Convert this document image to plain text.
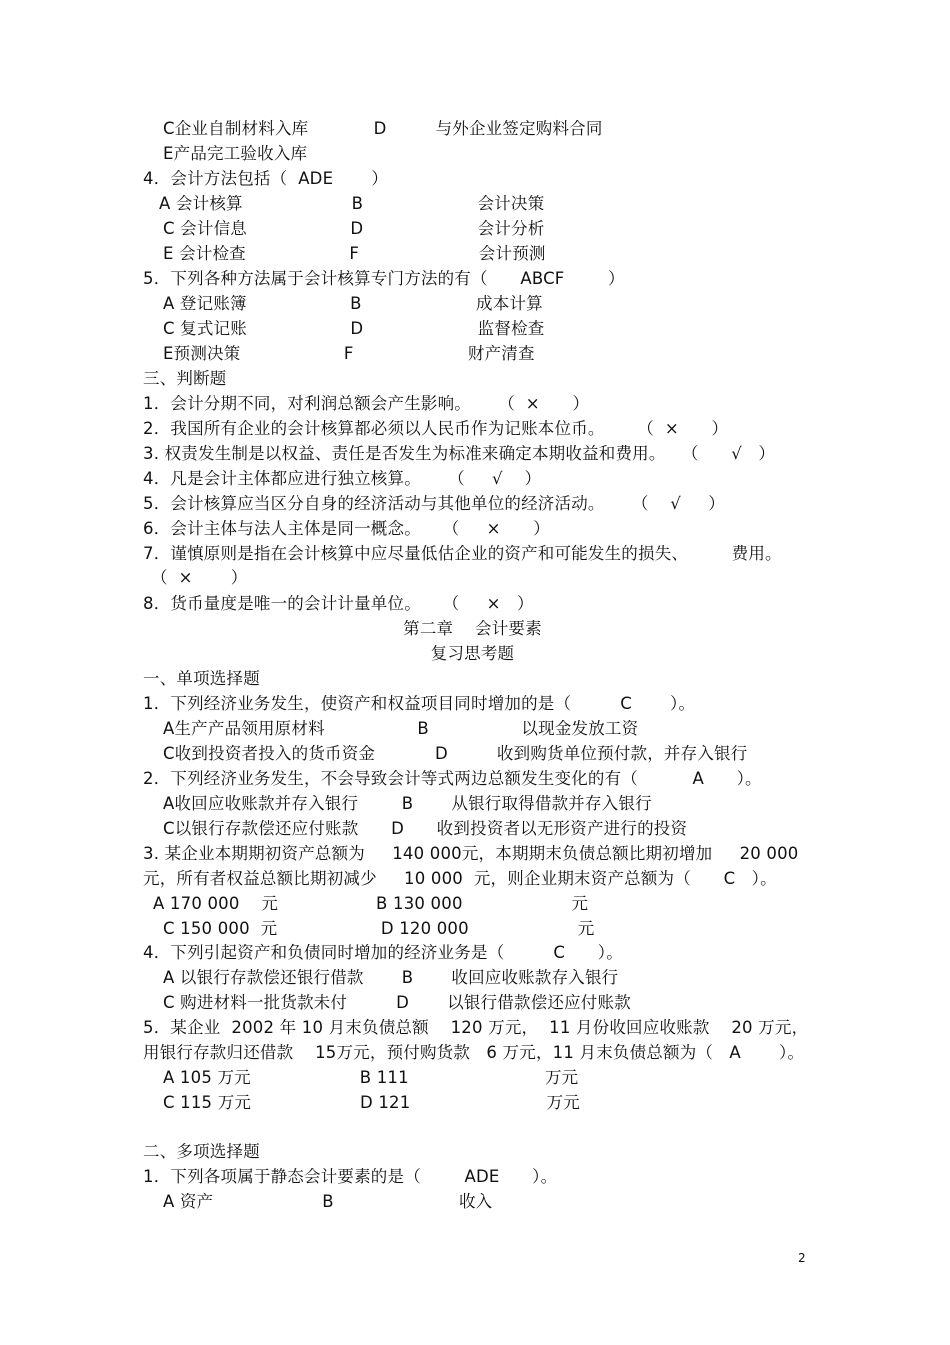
C企业自制材料入库            D         与外企业签定购料合同
E产品完工验收入库
4．会计方法包括（  ADE       ）
A 会计核算                    B                     会计决策
C 会计信息                   D                     会计分析
E 会计检查                   F                      会计预测
5．下列各种方法属于会计核算专门方法的有（      ABCF        ）
A 登记账簿                   B                     成本计算
C 复式记账                   D                     监督检查
E预测决策                   F                     财产清查
三、判断题
1．会计分期不同，对利润总额会产生影响。     （  ×      ）
2．我国所有企业的会计核算都必须以人民币作为记账本位币。      （  ×      ）
3. 权责发生制是以权益、责任是否发生为标准来确定本期收益和费用。   （      √   ）
4．凡是会计主体都应进行独立核算。     （     √    ）
5．会计核算应当区分自身的经济活动与其他单位的经济活动。     （    √     ）
6．会计主体与法人主体是同一概念。    （     ×      ）
7．谨慎原则是指在会计核算中应尽量低估企业的资产和可能发生的损失、        费用。
（  ×       ）
8．货币量度是唯一的会计计量单位。    （     ×   ）
第二章    会计要素
复习思考题
一、单项选择题
1．下列经济业务发生，使资产和权益项目同时增加的是（         C       ）。
A生产产品领用原材料                 B                 以现金发放工资
C收到投资者投入的货币资金           D         收到购货单位预付款，并存入银行
2．下列经济业务发生，不会导致会计等式两边总额发生变化的有（          A      ）。
A收回应收账款并存入银行        B       从银行取得借款并存入银行
C以银行存款偿还应付账款      D      收到投资者以无形资产进行的投资
3. 某企业本期期初资产总额为     140 000元，本期期末负债总额比期初增加     20 000
元，所有者权益总额比期初减少     10 000  元，则企业期末资产总额为（      C   ）。
A 170 000    元                  B 130 000                    元
C 150 000  元                   D 120 000                    元
4．下列引起资产和负债同时增加的经济业务是（         C      ）。
A 以银行存款偿还银行借款       B       收回应收账款存入银行
C 购进材料一批货款未付         D       以银行借款偿还应付账款
5．某企业  2002 年 10 月末负债总额    120 万元，  11 月份收回应收账款    20 万元，
用银行存款归还借款    15万元，预付购货款   6 万元，11 月末负债总额为（   A       ）。
A 105 万元                    B 111                         万元
C 115 万元                    D 121                         万元
二、多项选择题
1．下列各项属于静态会计要素的是（        ADE      ）。
A 资产                    B                       收入
2
